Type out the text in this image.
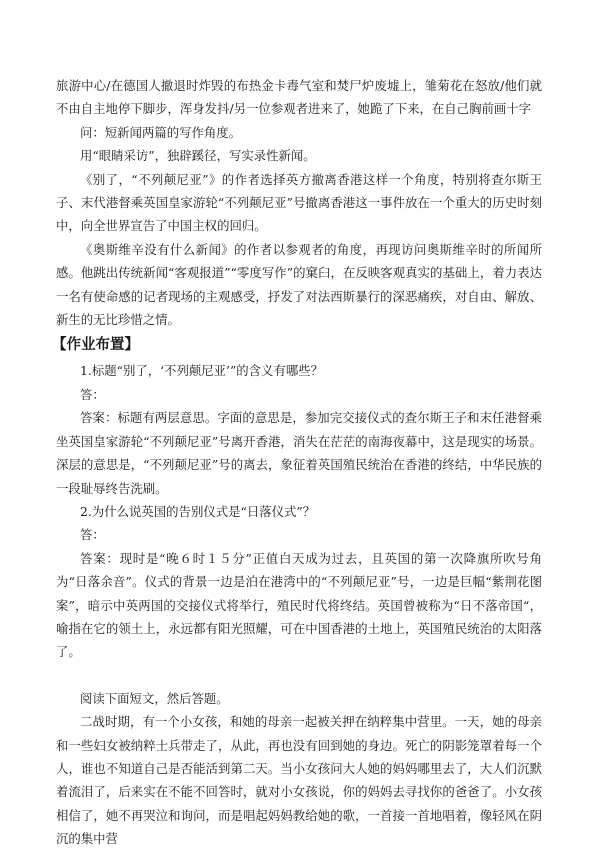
旅游中心/在德国人撤退时炸毁的布热金卡毒气室和焚尸炉废墟上，雏菊花在怒放/他们就不由自主地停下脚步，浑身发抖/另一位参观者进来了，她跪了下来，在自己胸前画十字

问：短新闻两篇的写作角度。

用“眼睛采访”，独辟蹊径，写实录性新闻。

《别了，“不列颠尼亚”》的作者选择英方撤离香港这样一个角度，特别将查尔斯王子、末代港督乘英国皇家游轮“不列颠尼亚”号撤离香港这一事件放在一个重大的历史时刻中，向全世界宣告了中国主权的回归。

《奥斯维辛没有什么新闻》的作者以参观者的角度，再现访问奥斯维辛时的所闻所感。他跳出传统新闻“客观报道”“零度写作”的窠臼，在反映客观真实的基础上，着力表达一名有使命感的记者现场的主观感受，抒发了对法西斯暴行的深恶痛疾，对自由、解放、新生的无比珍惜之情。

【作业布置】

1.标题“别了，‘不列颠尼亚’”的含义有哪些？

答：

答案：标题有两层意思。字面的意思是，参加完交接仪式的查尔斯王子和末任港督乘坐英国皇家游轮“不列颠尼亚”号离开香港，消失在茫茫的南海夜幕中，这是现实的场景。深层的意思是，“不列颠尼亚”号的离去，象征着英国殖民统治在香港的终结，中华民族的一段耻辱终告洗刷。

2.为什么说英国的告别仪式是“日落仪式”？

答：

答案：现时是“晚６时１５分”正值白天成为过去，且英国的第一次降旗所吹号角为“日落余音”。仪式的背景一边是泊在港湾中的“不列颠尼亚”号，一边是巨幅“紫荆花图案”，暗示中英两国的交接仪式将举行，殖民时代将终结。英国曾被称为“日不落帝国“，喻指在它的领土上，永远都有阳光照耀，可在中国香港的土地上，英国殖民统治的太阳落了。

阅读下面短文，然后答题。

二战时期，有一个小女孩，和她的母亲一起被关押在纳粹集中营里。一天，她的母亲和一些妇女被纳粹士兵带走了，从此，再也没有回到她的身边。死亡的阴影笼罩着每一个人，谁也不知道自己是否能活到第二天。当小女孩问大人她的妈妈哪里去了，大人们沉默着流泪了，后来实在不能不回答时，就对小女孩说，你的妈妈去寻找你的爸爸了。小女孩相信了，她不再哭泣和询问，而是唱起妈妈教给她的歌，一首接一首地唱着，像轻风在阴沉的集中营
